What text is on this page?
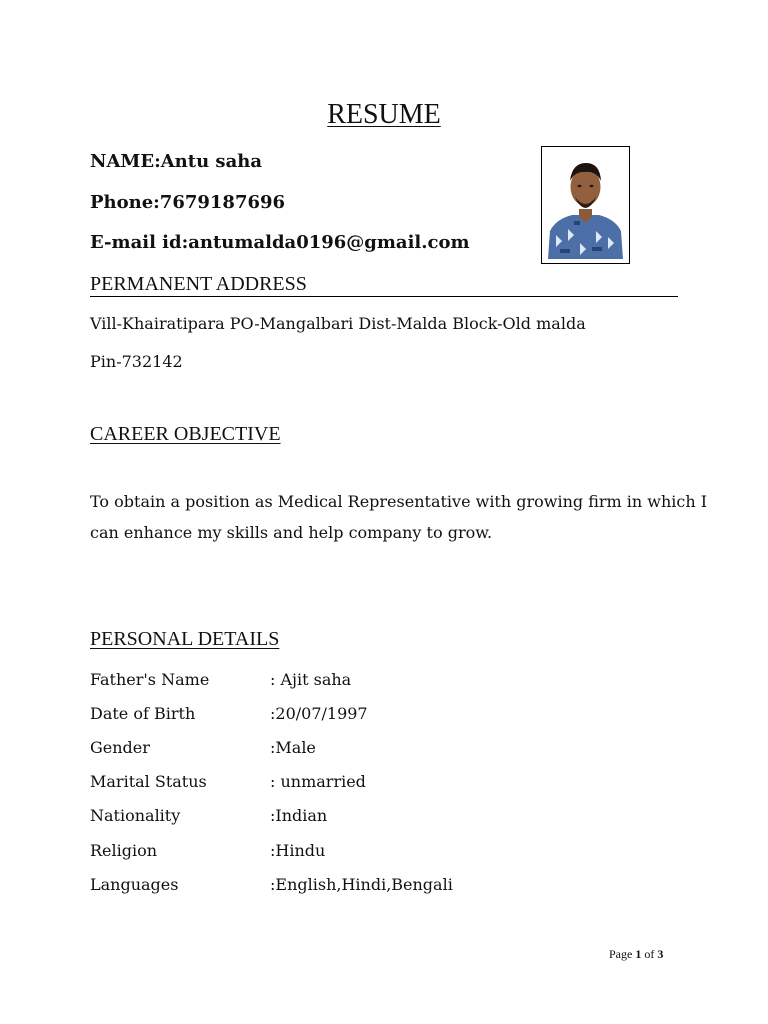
RESUME
NAME:Antu saha
Phone:7679187696
E-mail id:antumalda0196@gmail.com
PERMANENT ADDRESS
Vill-Khairatipara PO-Mangalbari Dist-Malda Block-Old malda
Pin-732142
CAREER OBJECTIVE
To obtain a position as Medical Representative with growing firm in which I can enhance my skills and help company to grow.
PERSONAL DETAILS
Father's Name	: Ajit saha
Date of Birth	:20/07/1997
Gender	:Male
Marital Status	: unmarried
Nationality	:Indian
Religion	:Hindu
Languages	:English,Hindi,Bengali
Page 1 of 3
